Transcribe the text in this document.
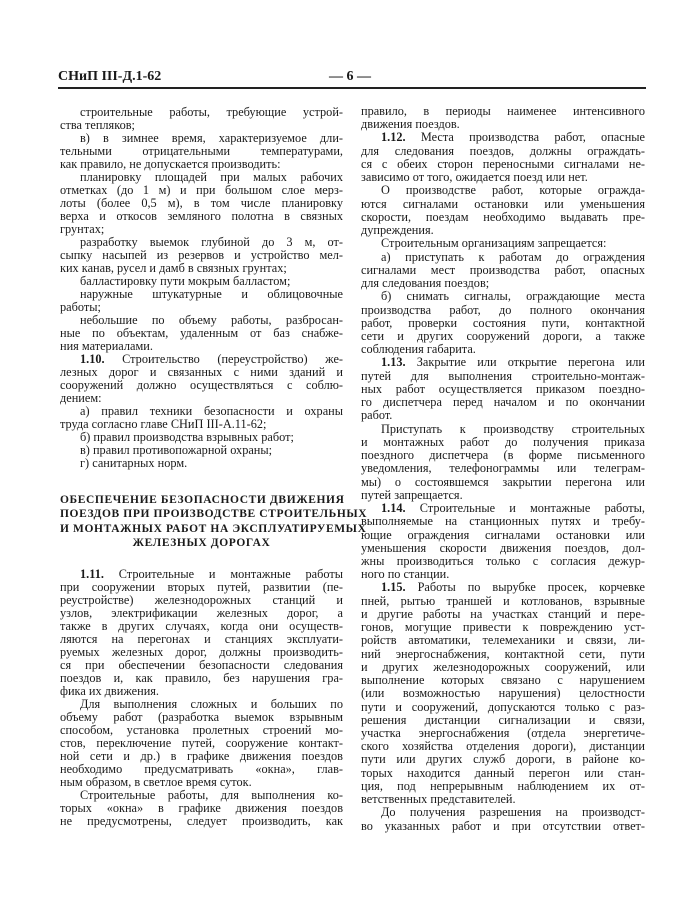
СНиП III-Д.1-62	— 6 —
строительные работы, требующие устрой-
ства тепляков;
в) в зимнее время, характеризуемое дли-
тельными отрицательными температурами,
как правило, не допускается производить:
планировку площадей при малых рабочих
отметках (до 1 м) и при большом слое мерз-
лоты (более 0,5 м), в том числе планировку
верха и откосов земляного полотна в связных
грунтах;
разработку выемок глубиной до 3 м, от-
сыпку насыпей из резервов и устройство мел-
ких канав, русел и дамб в связных грунтах;
балластировку пути мокрым балластом;
наружные штукатурные и облицовочные
работы;
небольшие по объему работы, разбросан-
ные по объектам, удаленным от баз снабже-
ния материалами.
1.10. Строительство (переустройство) же-
лезных дорог и связанных с ними зданий и
сооружений должно осуществляться с соблю-
дением:
а) правил техники безопасности и охраны
труда согласно главе СНиП III-А.11-62;
б) правил производства взрывных работ;
в) правил противопожарной охраны;
г) санитарных норм.
ОБЕСПЕЧЕНИЕ БЕЗОПАСНОСТИ ДВИЖЕНИЯ
ПОЕЗДОВ ПРИ ПРОИЗВОДСТВЕ СТРОИТЕЛЬНЫХ
И МОНТАЖНЫХ РАБОТ НА ЭКСПЛУАТИРУЕМЫХ
ЖЕЛЕЗНЫХ ДОРОГАХ
1.11. Строительные и монтажные работы
при сооружении вторых путей, развитии (пе-
реустройстве) железнодорожных станций и
узлов, электрификации железных дорог, а
также в других случаях, когда они осуществ-
ляются на перегонах и станциях эксплуати-
руемых железных дорог, должны производить-
ся при обеспечении безопасности следования
поездов и, как правило, без нарушения гра-
фика их движения.
Для выполнения сложных и больших по
объему работ (разработка выемок взрывным
способом, установка пролетных строений мо-
стов, переключение путей, сооружение контакт-
ной сети и др.) в графике движения поездов
необходимо предусматривать «окна», глав-
ным образом, в светлое время суток.
Строительные работы, для выполнения ко-
торых «окна» в графике движения поездов
не предусмотрены, следует производить, как
правило, в периоды наименее интенсивного
движения поездов.
1.12. Места производства работ, опасные
для следования поездов, должны ограждать-
ся с обеих сторон переносными сигналами не-
зависимо от того, ожидается поезд или нет.
О производстве работ, которые огражда-
ются сигналами остановки или уменьшения
скорости, поездам необходимо выдавать пре-
дупреждения.
Строительным организациям запрещается:
а) приступать к работам до ограждения
сигналами мест производства работ, опасных
для следования поездов;
б) снимать сигналы, ограждающие места
производства работ, до полного окончания
работ, проверки состояния пути, контактной
сети и других сооружений дороги, а также
соблюдения габарита.
1.13. Закрытие или открытие перегона или
путей для выполнения строительно-монтаж-
ных работ осуществляется приказом поездно-
го диспетчера перед началом и по окончании
работ.
Приступать к производству строительных
и монтажных работ до получения приказа
поездного диспетчера (в форме письменного
уведомления, телефонограммы или телеграм-
мы) о состоявшемся закрытии перегона или
путей запрещается.
1.14. Строительные и монтажные работы,
выполняемые на станционных путях и требу-
ющие ограждения сигналами остановки или
уменьшения скорости движения поездов, дол-
жны производиться только с согласия дежур-
ного по станции.
1.15. Работы по вырубке просек, корчевке
пней, рытью траншей и котлованов, взрывные
и другие работы на участках станций и пере-
гонов, могущие привести к повреждению уст-
ройств автоматики, телемеханики и связи, ли-
ний энергоснабжения, контактной сети, пути
и других железнодорожных сооружений, или
выполнение которых связано с нарушением
(или возможностью нарушения) целостности
пути и сооружений, допускаются только с раз-
решения дистанции сигнализации и связи,
участка энергоснабжения (отдела энергетиче-
ского хозяйства отделения дороги), дистанции
пути или других служб дороги, в районе ко-
торых находится данный перегон или стан-
ция, под непрерывным наблюдением их от-
ветственных представителей.
До получения разрешения на производст-
во указанных работ и при отсутствии ответ-
